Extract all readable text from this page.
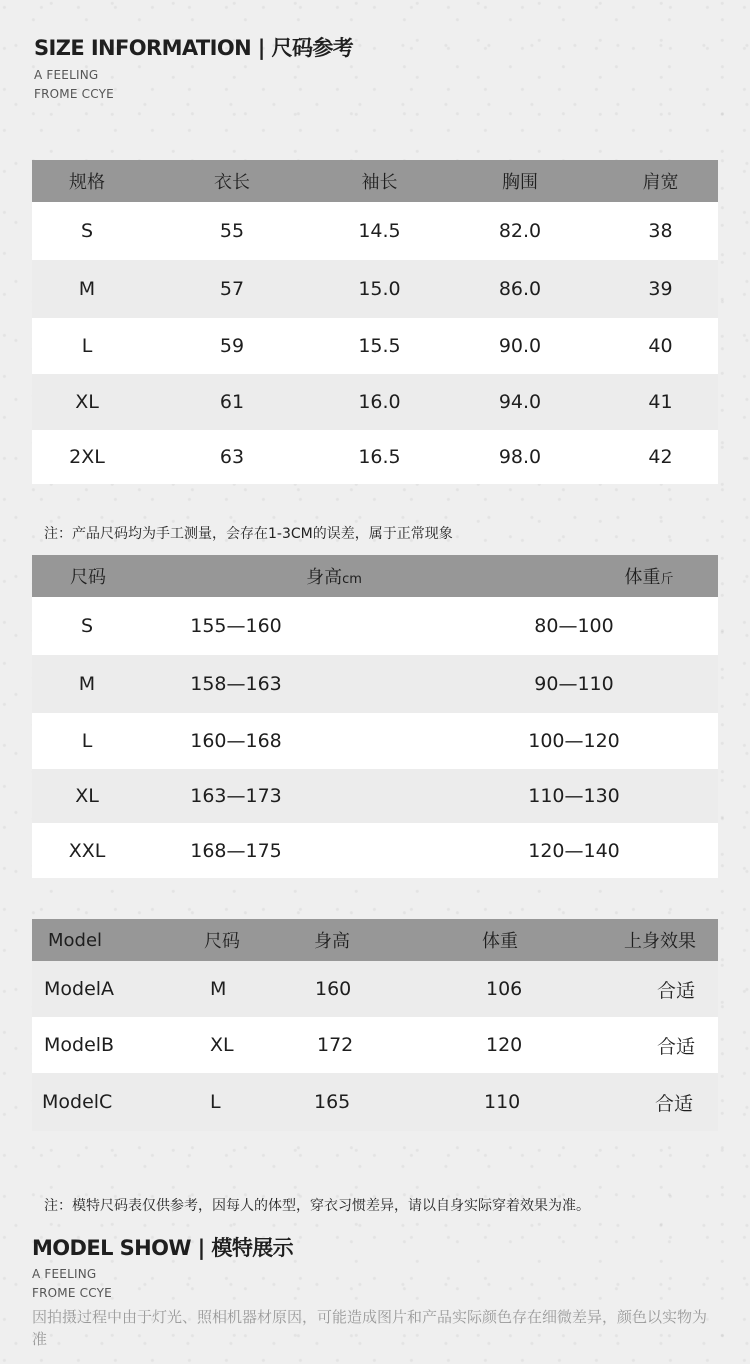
SIZE INFORMATION | 尺码参考
A FEELING
FROME CCYE
规格	衣长	袖长	胸围	肩宽
S	55	14.5	82.0	38
M	57	15.0	86.0	39
L	59	15.5	90.0	40
XL	61	16.0	94.0	41
2XL	63	16.5	98.0	42
注：产品尺码均为手工测量，会存在1-3CM的误差，属于正常现象
尺码	身高cm	体重斤
S	155—160	80—100
M	158—163	90—110
L	160—168	100—120
XL	163—173	110—130
XXL	168—175	120—140
Model	尺码	身高	体重	上身效果
ModelA	M	160	106	合适
ModelB	XL	172	120	合适
ModelC	L	165	110	合适
注：模特尺码表仅供参考，因每人的体型，穿衣习惯差异，请以自身实际穿着效果为准。
MODEL SHOW | 模特展示
A FEELING
FROME CCYE
因拍摄过程中由于灯光、照相机器材原因，可能造成图片和产品实际颜色存在细微差异，颜色以实物为准
